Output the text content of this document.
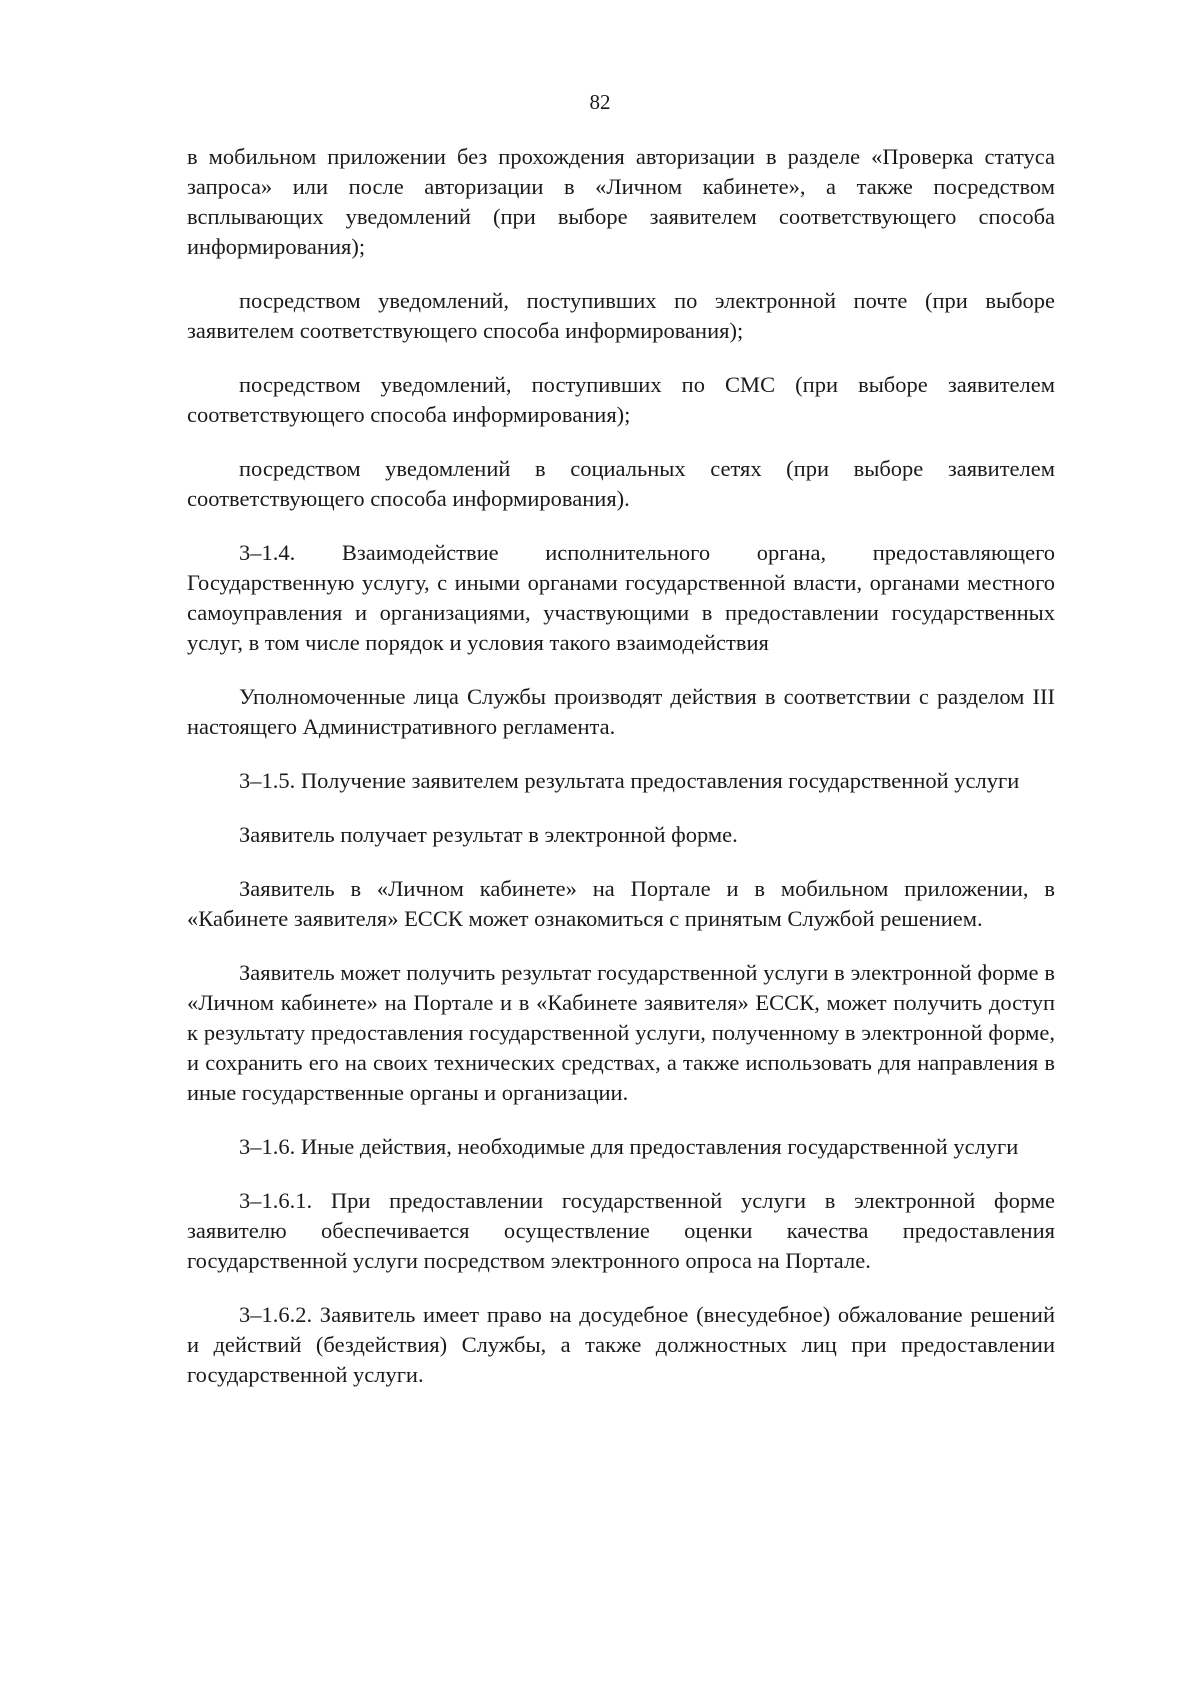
82

в мобильном приложении без прохождения авторизации в разделе «Проверка статуса запроса» или после авторизации в «Личном кабинете», а также посредством всплывающих уведомлений (при выборе заявителем соответствующего способа информирования);

посредством уведомлений, поступивших по электронной почте (при выборе заявителем соответствующего способа информирования);

посредством уведомлений, поступивших по СМС (при выборе заявителем соответствующего способа информирования);

посредством уведомлений в социальных сетях (при выборе заявителем соответствующего способа информирования).

3–1.4. Взаимодействие исполнительного органа, предоставляющего Государственную услугу, с иными органами государственной власти, органами местного самоуправления и организациями, участвующими в предоставлении государственных услуг, в том числе порядок и условия такого взаимодействия

Уполномоченные лица Службы производят действия в соответствии с разделом III настоящего Административного регламента.

3–1.5. Получение заявителем результата предоставления государственной услуги

Заявитель получает результат в электронной форме.

Заявитель в «Личном кабинете» на Портале и в мобильном приложении, в «Кабинете заявителя» ЕССК может ознакомиться с принятым Службой решением.

Заявитель может получить результат государственной услуги в электронной форме в «Личном кабинете» на Портале и в «Кабинете заявителя» ЕССК, может получить доступ к результату предоставления государственной услуги, полученному в электронной форме, и сохранить его на своих технических средствах, а также использовать для направления в иные государственные органы и организации.

3–1.6. Иные действия, необходимые для предоставления государственной услуги

3–1.6.1. При предоставлении государственной услуги в электронной форме заявителю обеспечивается осуществление оценки качества предоставления государственной услуги посредством электронного опроса на Портале.

3–1.6.2. Заявитель имеет право на досудебное (внесудебное) обжалование решений и действий (бездействия) Службы, а также должностных лиц при предоставлении государственной услуги.
